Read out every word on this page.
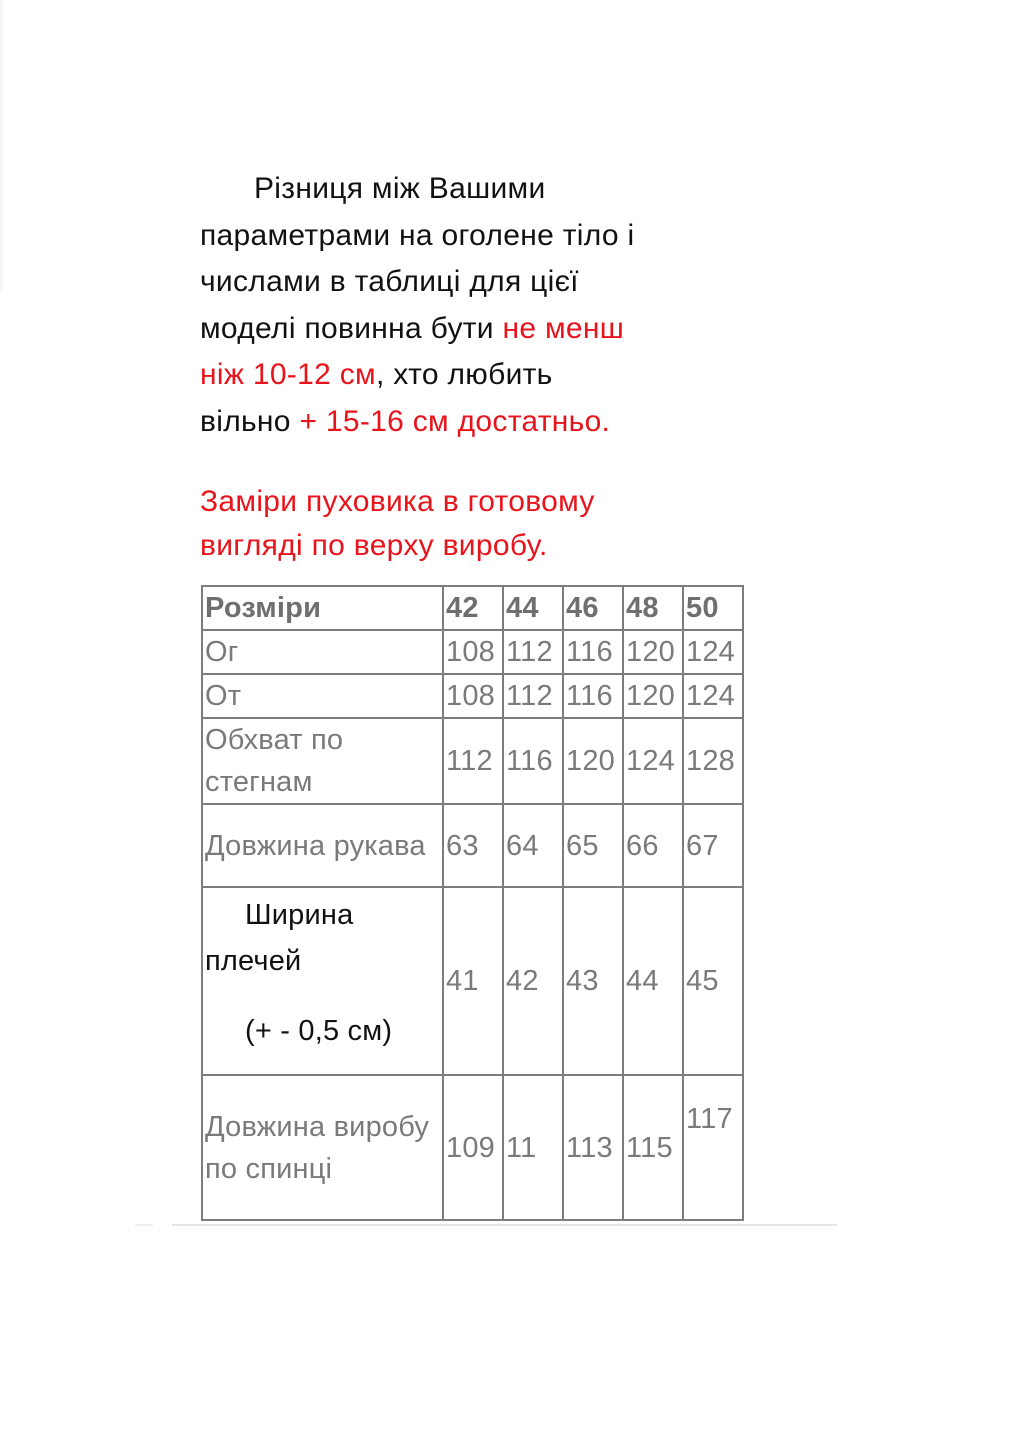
Різниця між Вашими
параметрами на оголене тіло і
числами в таблиці для цієї
моделі повинна бути не менш
ніж 10-12 см, хто любить
вільно + 15-16 см достатньо.
Заміри пуховика в готовому
вигляді по верху виробу.
Розміри	42	44	46	48	50
Ог	108	112	116	120	124
От	108	112	116	120	124
Обхват по стегнам	112	116	120	124	128
Довжина рукава	63	64	65	66	67

Ширина
плечей
(+ - 0,5 см)	41	42	43	44	45
Довжина виробу по спинці	109	11	113	115	117
